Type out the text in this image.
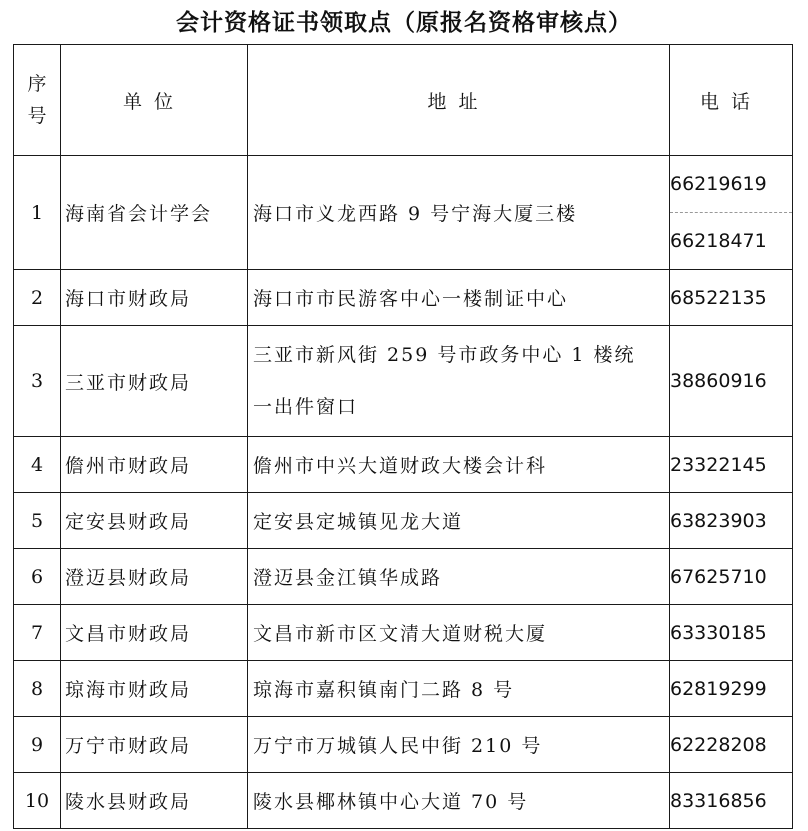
会计资格证书领取点（原报名资格审核点）
序
号	单位	地址	电话
1	海南省会计学会	海口市义龙西路 9 号宁海大厦三楼	66219619
66218471

2	海口市财政局	海口市市民游客中心一楼制证中心	68522135
3	三亚市财政局	三亚市新风街 259 号市政务中心 1 楼统
一出件窗口	38860916
4	儋州市财政局	儋州市中兴大道财政大楼会计科	23322145
5	定安县财政局	定安县定城镇见龙大道	63823903
6	澄迈县财政局	澄迈县金江镇华成路	67625710
7	文昌市财政局	文昌市新市区文清大道财税大厦	63330185
8	琼海市财政局	琼海市嘉积镇南门二路 8 号	62819299
9	万宁市财政局	万宁市万城镇人民中街 210 号	62228208
10	陵水县财政局	陵水县椰林镇中心大道 70 号	83316856
